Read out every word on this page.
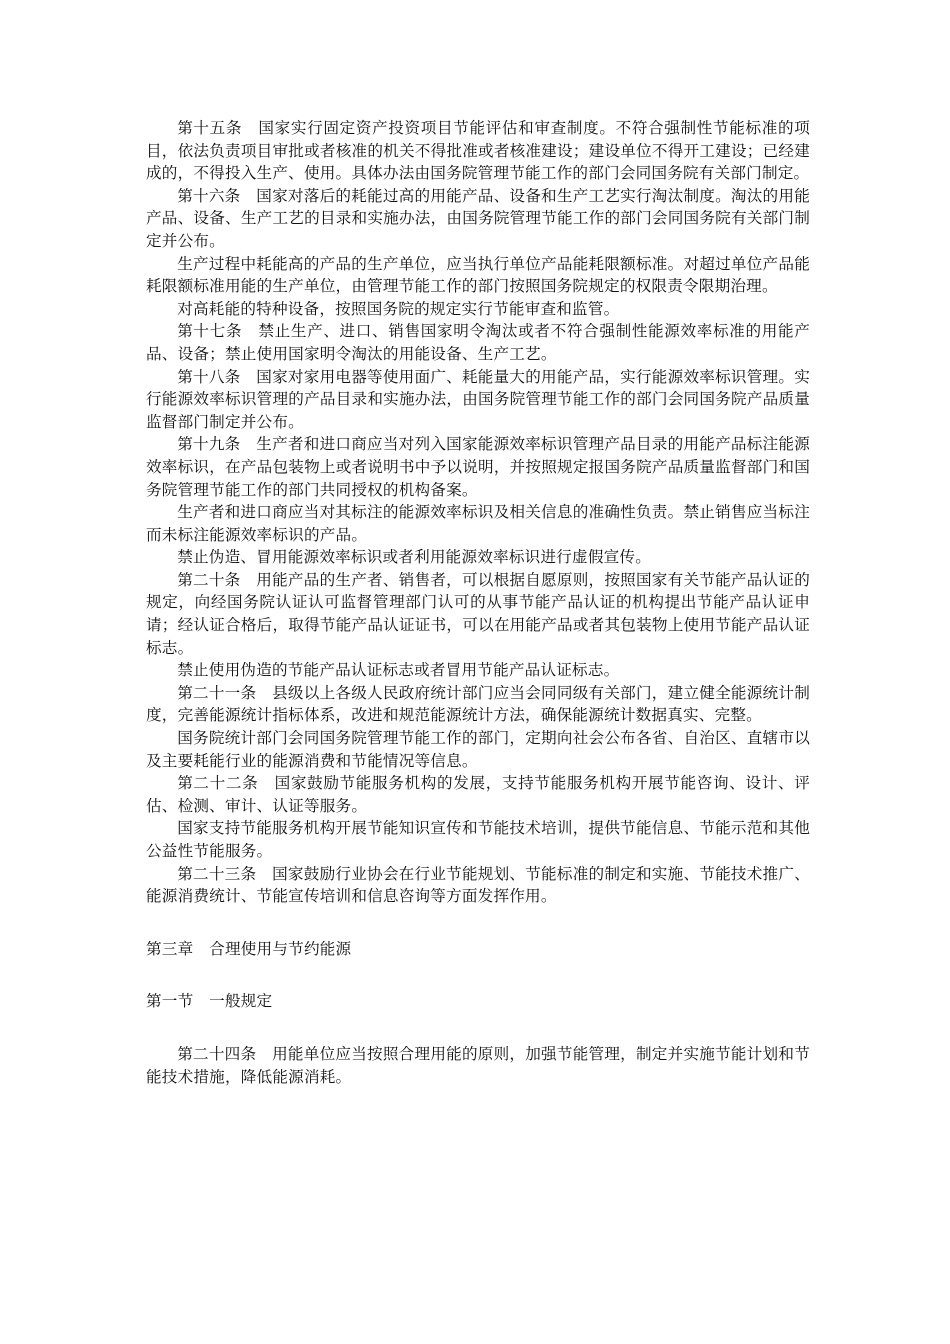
第十五条　国家实行固定资产投资项目节能评估和审查制度。不符合强制性节能标准的项目，依法负责项目审批或者核准的机关不得批准或者核准建设；建设单位不得开工建设；已经建成的，不得投入生产、使用。具体办法由国务院管理节能工作的部门会同国务院有关部门制定。

第十六条　国家对落后的耗能过高的用能产品、设备和生产工艺实行淘汰制度。淘汰的用能产品、设备、生产工艺的目录和实施办法，由国务院管理节能工作的部门会同国务院有关部门制定并公布。

生产过程中耗能高的产品的生产单位，应当执行单位产品能耗限额标准。对超过单位产品能耗限额标准用能的生产单位，由管理节能工作的部门按照国务院规定的权限责令限期治理。

对高耗能的特种设备，按照国务院的规定实行节能审查和监管。

第十七条　禁止生产、进口、销售国家明令淘汰或者不符合强制性能源效率标准的用能产品、设备；禁止使用国家明令淘汰的用能设备、生产工艺。

第十八条　国家对家用电器等使用面广、耗能量大的用能产品，实行能源效率标识管理。实行能源效率标识管理的产品目录和实施办法，由国务院管理节能工作的部门会同国务院产品质量监督部门制定并公布。

第十九条　生产者和进口商应当对列入国家能源效率标识管理产品目录的用能产品标注能源效率标识，在产品包装物上或者说明书中予以说明，并按照规定报国务院产品质量监督部门和国务院管理节能工作的部门共同授权的机构备案。

生产者和进口商应当对其标注的能源效率标识及相关信息的准确性负责。禁止销售应当标注而未标注能源效率标识的产品。

禁止伪造、冒用能源效率标识或者利用能源效率标识进行虚假宣传。

第二十条　用能产品的生产者、销售者，可以根据自愿原则，按照国家有关节能产品认证的规定，向经国务院认证认可监督管理部门认可的从事节能产品认证的机构提出节能产品认证申请；经认证合格后，取得节能产品认证证书，可以在用能产品或者其包装物上使用节能产品认证标志。

禁止使用伪造的节能产品认证标志或者冒用节能产品认证标志。

第二十一条　县级以上各级人民政府统计部门应当会同同级有关部门，建立健全能源统计制度，完善能源统计指标体系，改进和规范能源统计方法，确保能源统计数据真实、完整。

国务院统计部门会同国务院管理节能工作的部门，定期向社会公布各省、自治区、直辖市以及主要耗能行业的能源消费和节能情况等信息。

第二十二条　国家鼓励节能服务机构的发展，支持节能服务机构开展节能咨询、设计、评估、检测、审计、认证等服务。

国家支持节能服务机构开展节能知识宣传和节能技术培训，提供节能信息、节能示范和其他公益性节能服务。

第二十三条　国家鼓励行业协会在行业节能规划、节能标准的制定和实施、节能技术推广、能源消费统计、节能宣传培训和信息咨询等方面发挥作用。

第三章　合理使用与节约能源

第一节　一般规定

第二十四条　用能单位应当按照合理用能的原则，加强节能管理，制定并实施节能计划和节能技术措施，降低能源消耗。
